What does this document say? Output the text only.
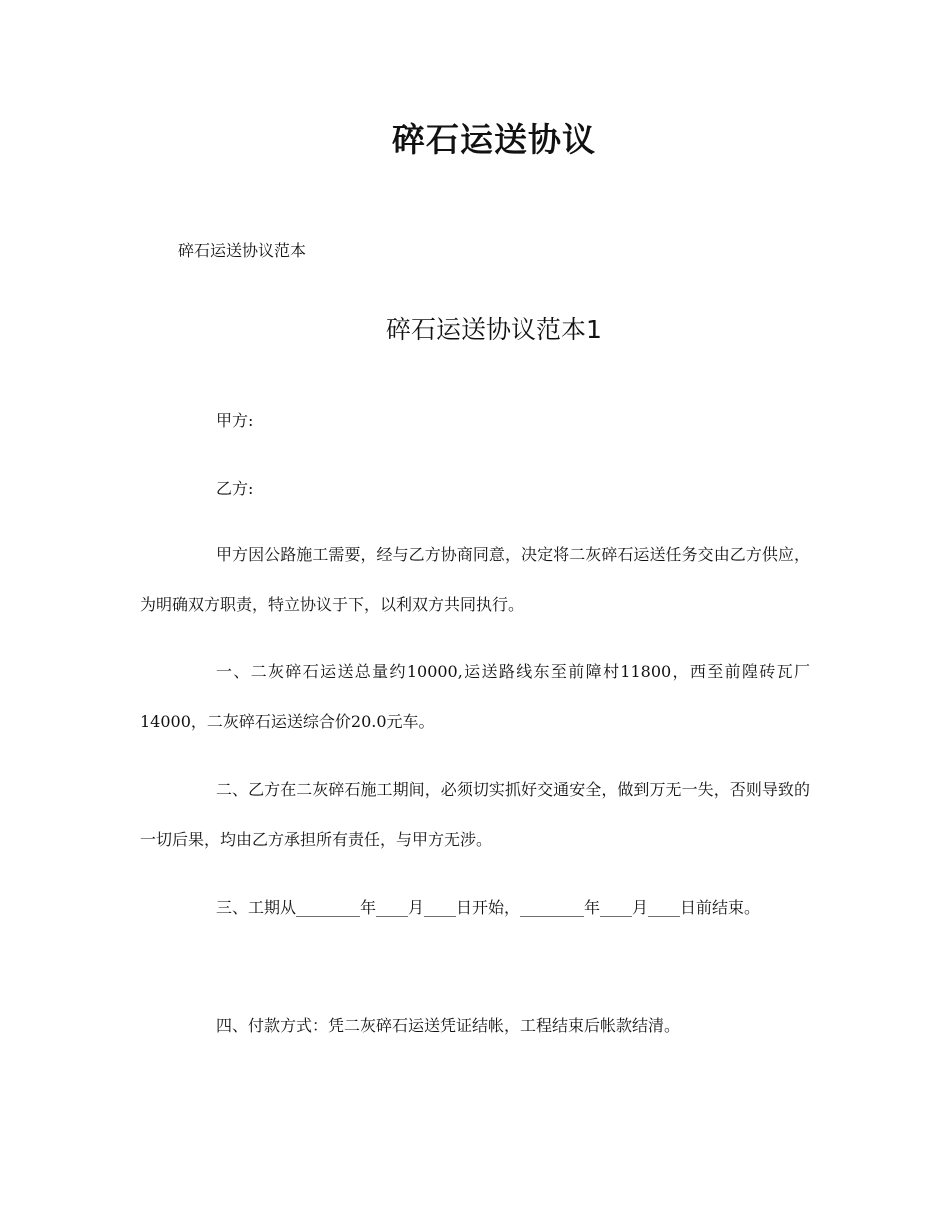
碎石运送协议
碎石运送协议范本
碎石运送协议范本1
甲方:
乙方:

甲方因公路施工需要，经与乙方协商同意，决定将二灰碎石运送任务交由乙方供应，为明确双方职责，特立协议于下，以利双方共同执行。

一、二灰碎石运送总量约10000,运送路线东至前障村11800，西至前隍砖瓦厂14000，二灰碎石运送综合价20.0元车。

二、乙方在二灰碎石施工期间，必须切实抓好交通安全，做到万无一失，否则导致的一切后果，均由乙方承担所有责任，与甲方无涉。

三、工期从________年____月____日开始，________年____月____日前结束。

四、付款方式：凭二灰碎石运送凭证结帐，工程结束后帐款结清。
